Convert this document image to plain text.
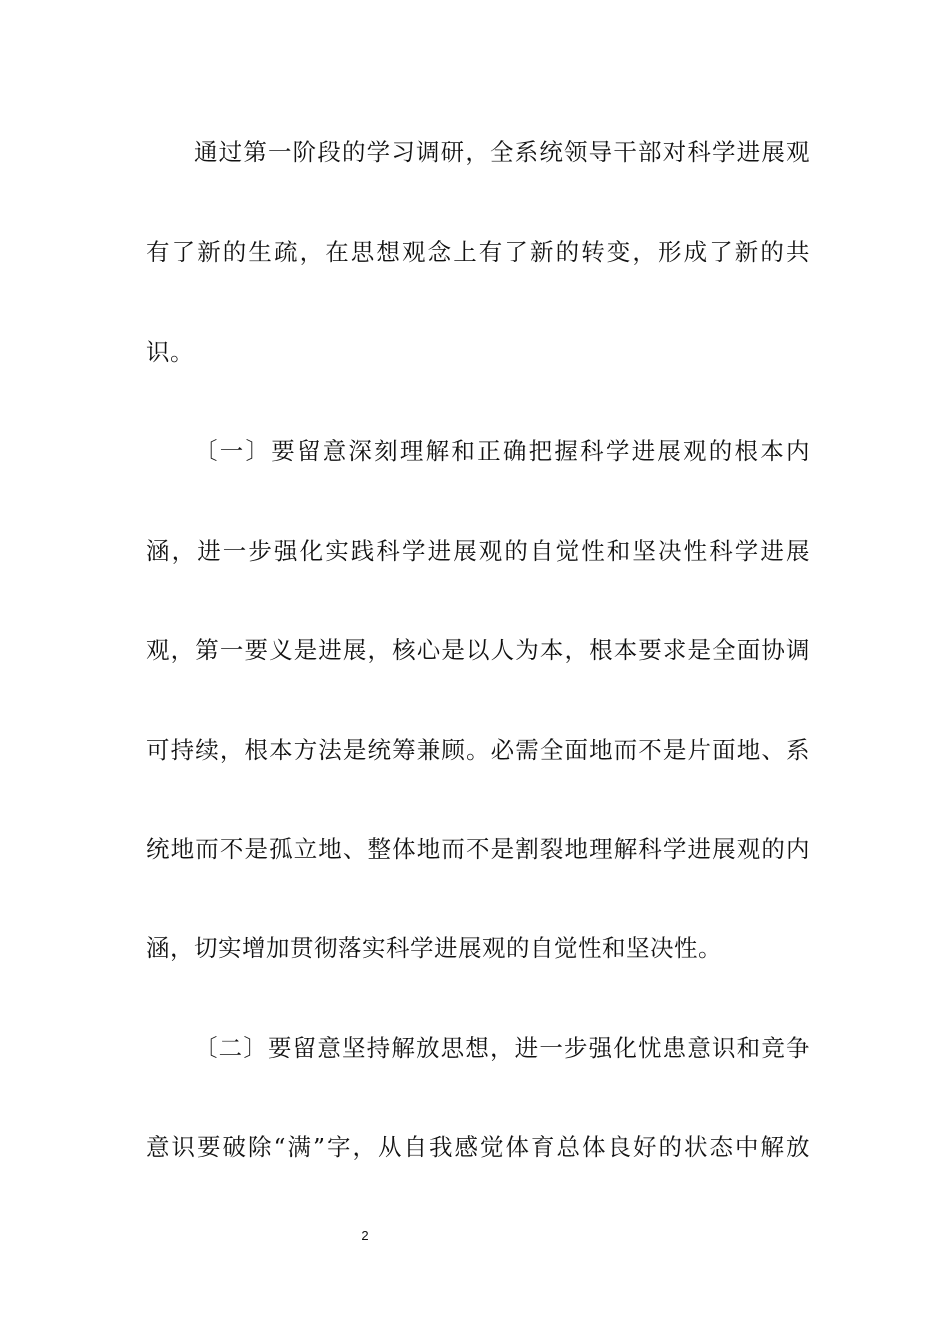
通过第一阶段的学习调研，全系统领导干部对科学进展观
有了新的生疏，在思想观念上有了新的转变，形成了新的共
识。
〔一〕要留意深刻理解和正确把握科学进展观的根本内
涵，进一步强化实践科学进展观的自觉性和坚决性科学进展
观，第一要义是进展，核心是以人为本，根本要求是全面协调
可持续，根本方法是统筹兼顾。必需全面地而不是片面地、系
统地而不是孤立地、整体地而不是割裂地理解科学进展观的内
涵，切实增加贯彻落实科学进展观的自觉性和坚决性。
〔二〕要留意坚持解放思想，进一步强化忧患意识和竞争
意识要破除“满”字，从自我感觉体育总体良好的状态中解放
2
